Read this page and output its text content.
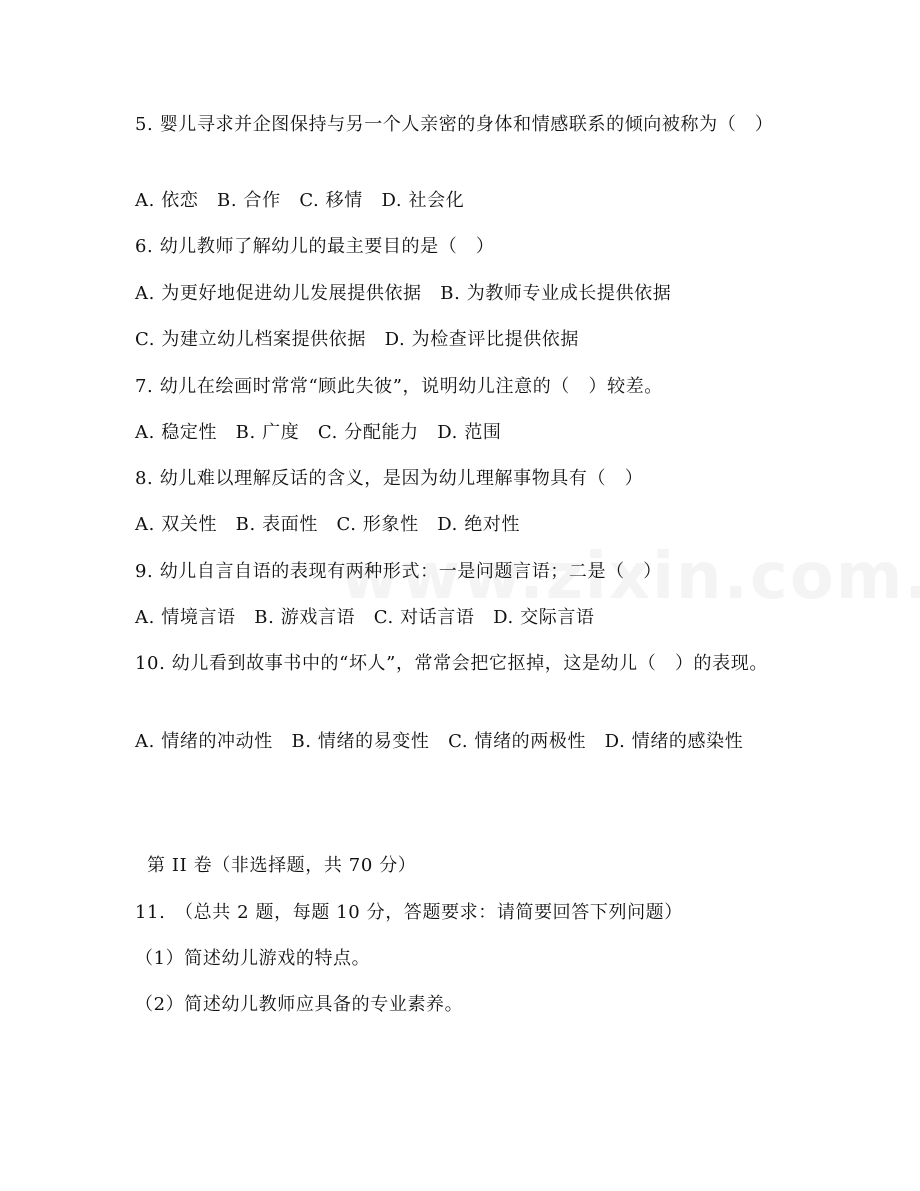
5. 婴儿寻求并企图保持与另一个人亲密的身体和情感联系的倾向被称为（　）
A. 依恋　B. 合作　C. 移情　D. 社会化
6. 幼儿教师了解幼儿的最主要目的是（　）
A. 为更好地促进幼儿发展提供依据　B. 为教师专业成长提供依据
C. 为建立幼儿档案提供依据　D. 为检查评比提供依据
7. 幼儿在绘画时常常“顾此失彼”，说明幼儿注意的（　）较差。
A. 稳定性　B. 广度　C. 分配能力　D. 范围
8. 幼儿难以理解反话的含义，是因为幼儿理解事物具有（　）
A. 双关性　B. 表面性　C. 形象性　D. 绝对性
9. 幼儿自言自语的表现有两种形式：一是问题言语；二是（　）
A. 情境言语　B. 游戏言语　C. 对话言语　D. 交际言语
10. 幼儿看到故事书中的“坏人”，常常会把它抠掉，这是幼儿（　）的表现。
A. 情绪的冲动性　B. 情绪的易变性　C. 情绪的两极性　D. 情绪的感染性
第 II 卷（非选择题，共 70 分）
11.　（总共 2 题，每题 10 分，答题要求：请简要回答下列问题）
（1）简述幼儿游戏的特点。
（2）简述幼儿教师应具备的专业素养。
